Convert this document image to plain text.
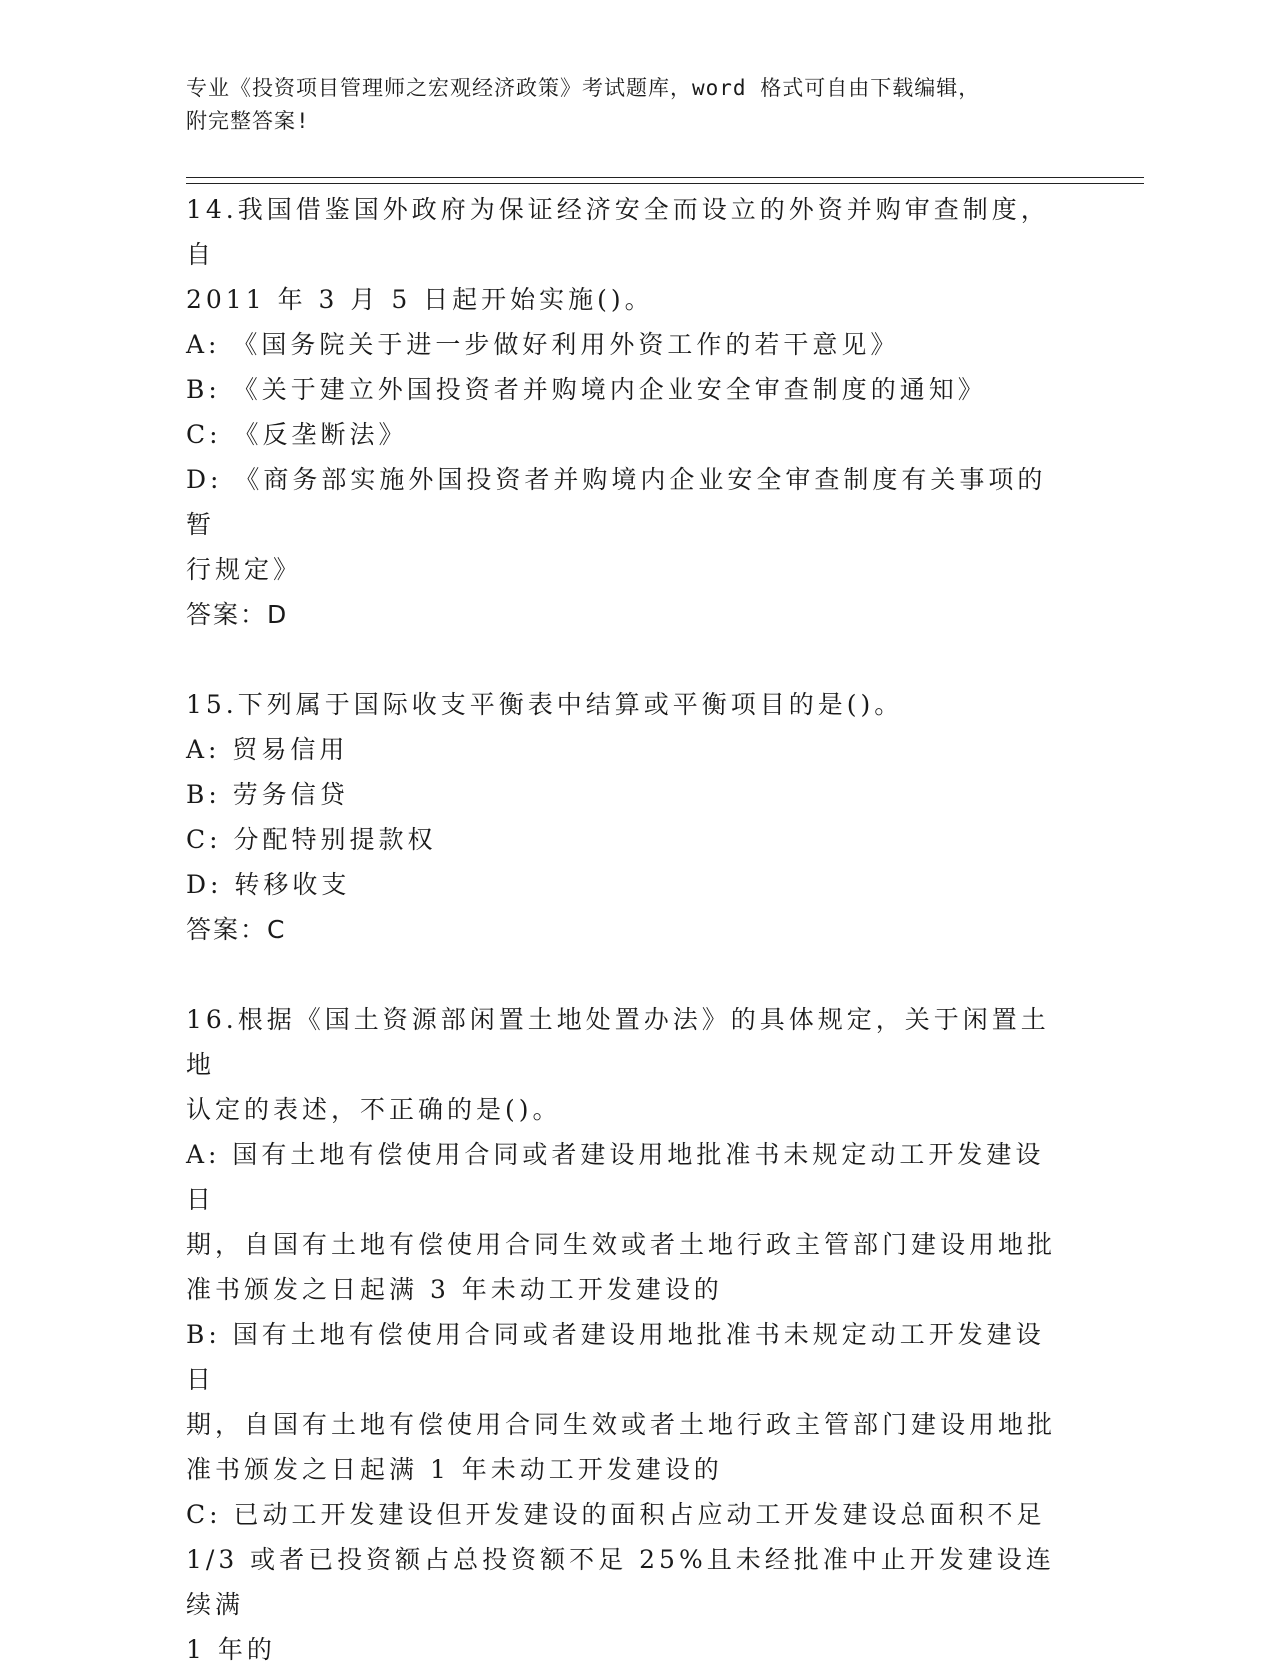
专业《投资项目管理师之宏观经济政策》考试题库，word 格式可自由下载编辑，
附完整答案!

14.我国借鉴国外政府为保证经济安全而设立的外资并购审查制度，自

2011 年 3 月 5 日起开始实施()。

A: 《国务院关于进一步做好利用外资工作的若干意见》

B: 《关于建立外国投资者并购境内企业安全审查制度的通知》

C: 《反垄断法》

D: 《商务部实施外国投资者并购境内企业安全审查制度有关事项的暂

行规定》

答案：D

15.下列属于国际收支平衡表中结算或平衡项目的是()。

A: 贸易信用

B: 劳务信贷

C: 分配特别提款权

D: 转移收支

答案：C

16.根据《国土资源部闲置土地处置办法》的具体规定，关于闲置土地

认定的表述，不正确的是()。

A: 国有土地有偿使用合同或者建设用地批准书未规定动工开发建设日

期，自国有土地有偿使用合同生效或者土地行政主管部门建设用地批

准书颁发之日起满 3 年未动工开发建设的

B: 国有土地有偿使用合同或者建设用地批准书未规定动工开发建设日

期，自国有土地有偿使用合同生效或者土地行政主管部门建设用地批

准书颁发之日起满 1 年未动工开发建设的

C: 已动工开发建设但开发建设的面积占应动工开发建设总面积不足

1/3 或者已投资额占总投资额不足 25%且未经批准中止开发建设连续满

1 年的
